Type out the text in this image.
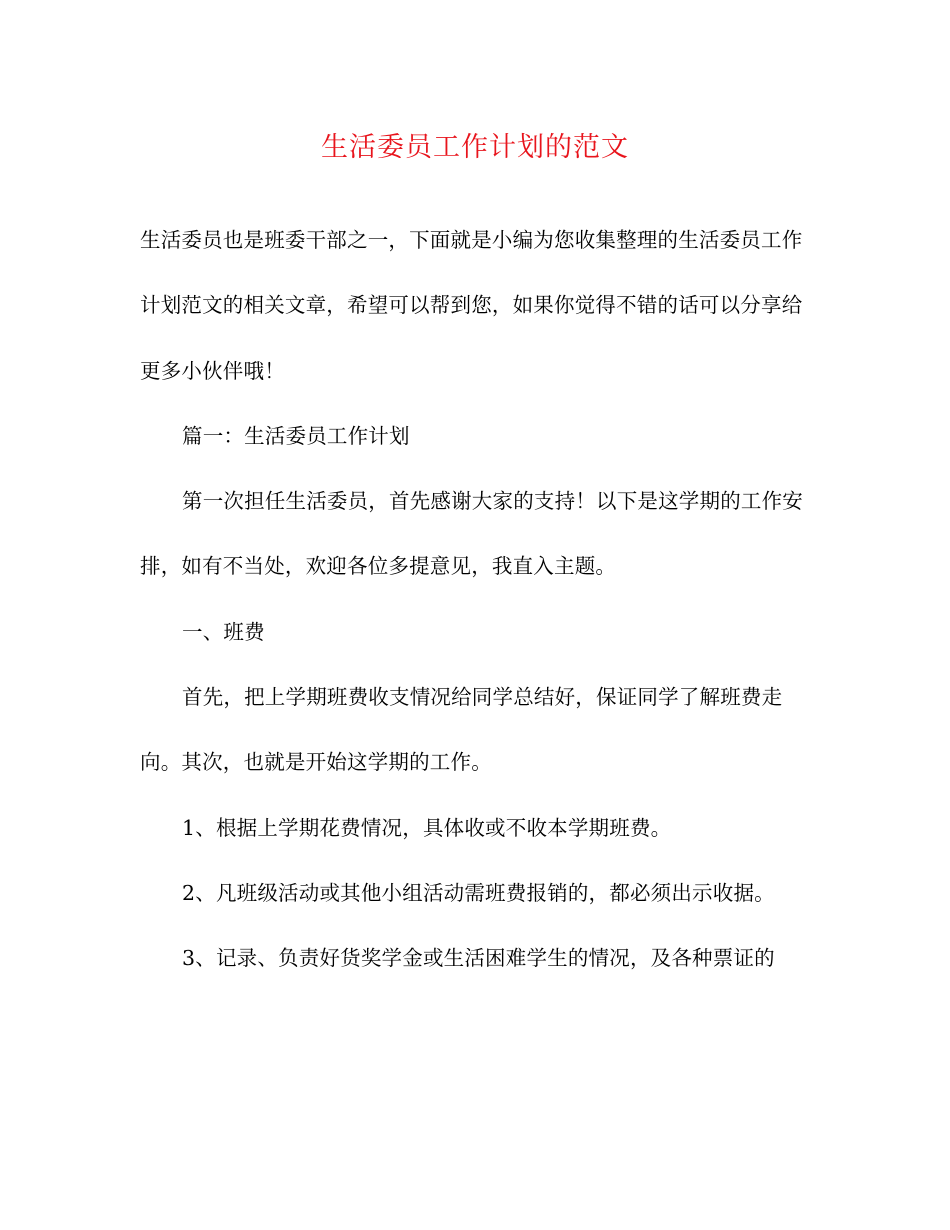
生活委员工作计划的范文

生活委员也是班委干部之一，下面就是小编为您收集整理的生活委员工作计划范文的相关文章，希望可以帮到您，如果你觉得不错的话可以分享给更多小伙伴哦！

篇一：生活委员工作计划

第一次担任生活委员，首先感谢大家的支持！以下是这学期的工作安排，如有不当处，欢迎各位多提意见，我直入主题。

一、班费

首先，把上学期班费收支情况给同学总结好，保证同学了解班费走向。其次，也就是开始这学期的工作。

1、根据上学期花费情况，具体收或不收本学期班费。

2、凡班级活动或其他小组活动需班费报销的，都必须出示收据。

3、记录、负责好货奖学金或生活困难学生的情况，及各种票证的
